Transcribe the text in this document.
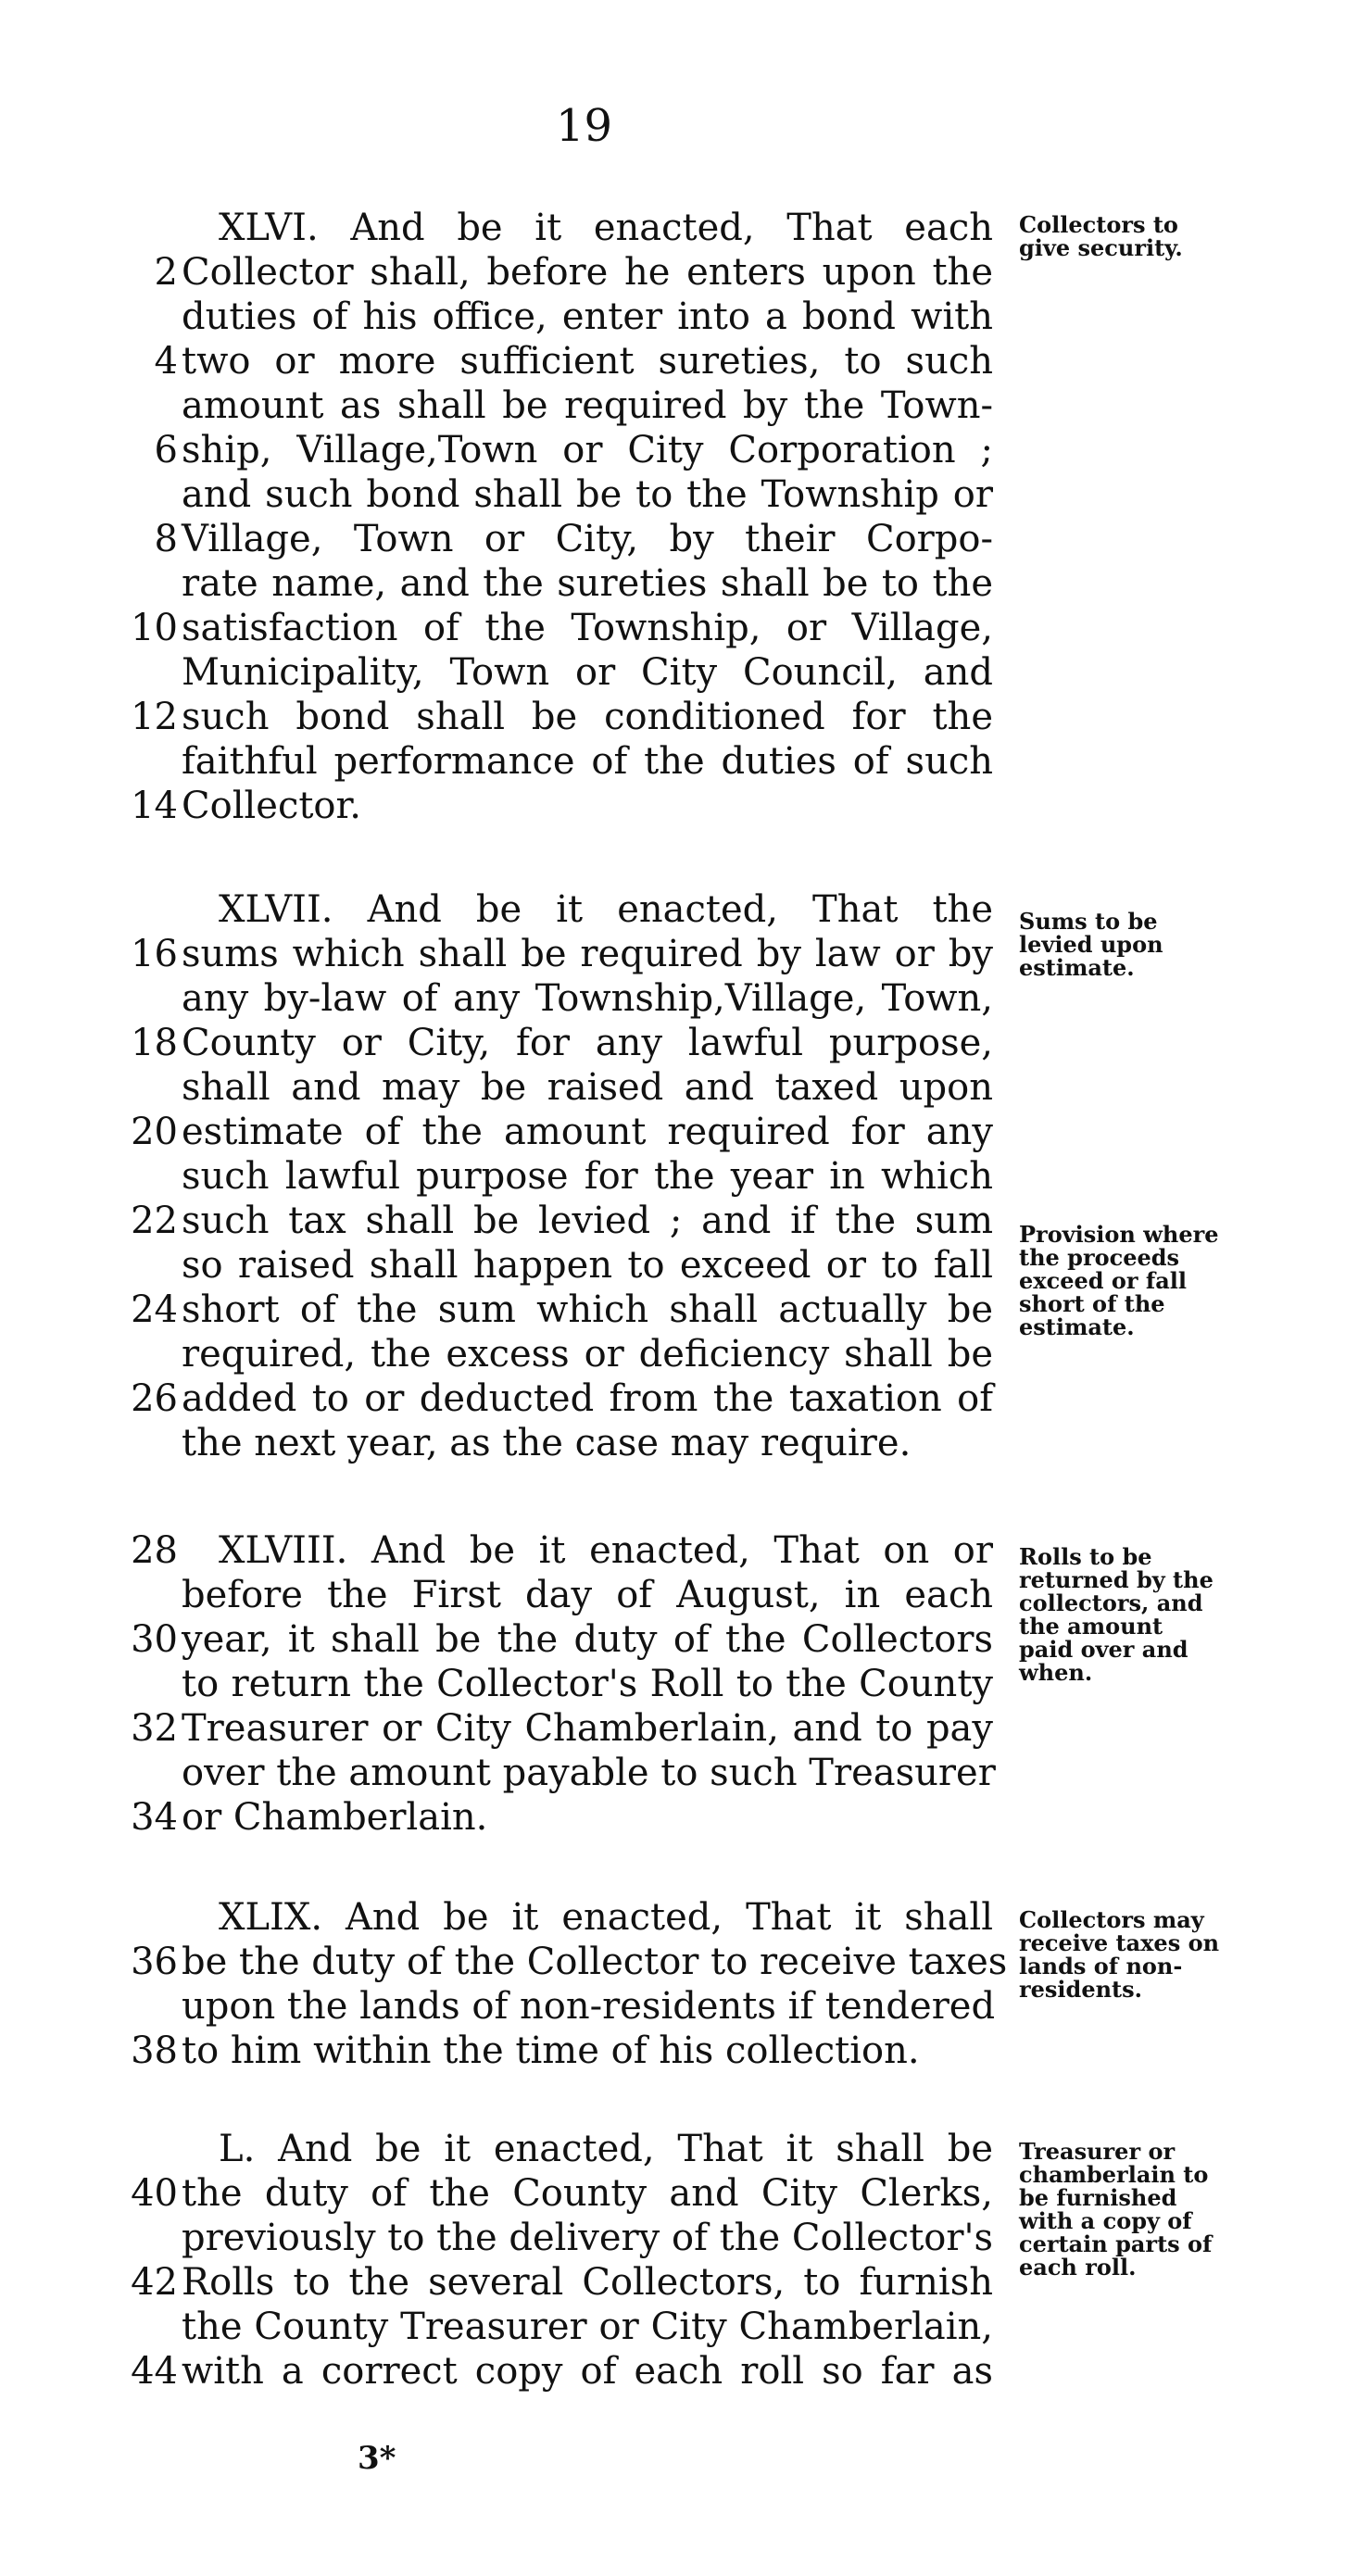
19
Collectors to give security.
XLVI. And be it enacted, That each
2 Collector shall, before he enters upon the
duties of his office, enter into a bond with
4 two or more sufficient sureties, to such
amount as shall be required by the Town-
6 ship, Village,Town or City Corporation ;
and such bond shall be to the Township or
8 Village, Town or City, by their Corpo-
rate name, and the sureties shall be to the
10 satisfaction of the Township, or Village,
Municipality, Town or City Council, and
12 such bond shall be conditioned for the
faithful performance of the duties of such
14 Collector.
Sums to be levied upon estimate.
Provision where the proceeds exceed or fall short of the estimate.
XLVII. And be it enacted, That the
16 sums which shall be required by law or by
any by-law of any Township,Village, Town,
18 County or City, for any lawful purpose,
shall and may be raised and taxed upon
20 estimate of the amount required for any
such lawful purpose for the year in which
22 such tax shall be levied ; and if the sum
so raised shall happen to exceed or to fall
24 short of the sum which shall actually be
required, the excess or deficiency shall be
26 added to or deducted from the taxation of
the next year, as the case may require.
Rolls to be returned by the collectors, and the amount paid over and when.
28 XLVIII. And be it enacted, That on or
before the First day of August, in each
30 year, it shall be the duty of the Collectors
to return the Collector's Roll to the County
32 Treasurer or City Chamberlain, and to pay
over the amount payable to such Treasurer
34 or Chamberlain.
Collectors may receive taxes on lands of non-residents.
XLIX. And be it enacted, That it shall
36 be the duty of the Collector to receive taxes
upon the lands of non-residents if tendered
38 to him within the time of his collection.
Treasurer or chamberlain to be furnished with a copy of certain parts of each roll.
L. And be it enacted, That it shall be
40 the duty of the County and City Clerks,
previously to the delivery of the Collector's
42 Rolls to the several Collectors, to furnish
the County Treasurer or City Chamberlain,
44 with a correct copy of each roll so far as
3*
